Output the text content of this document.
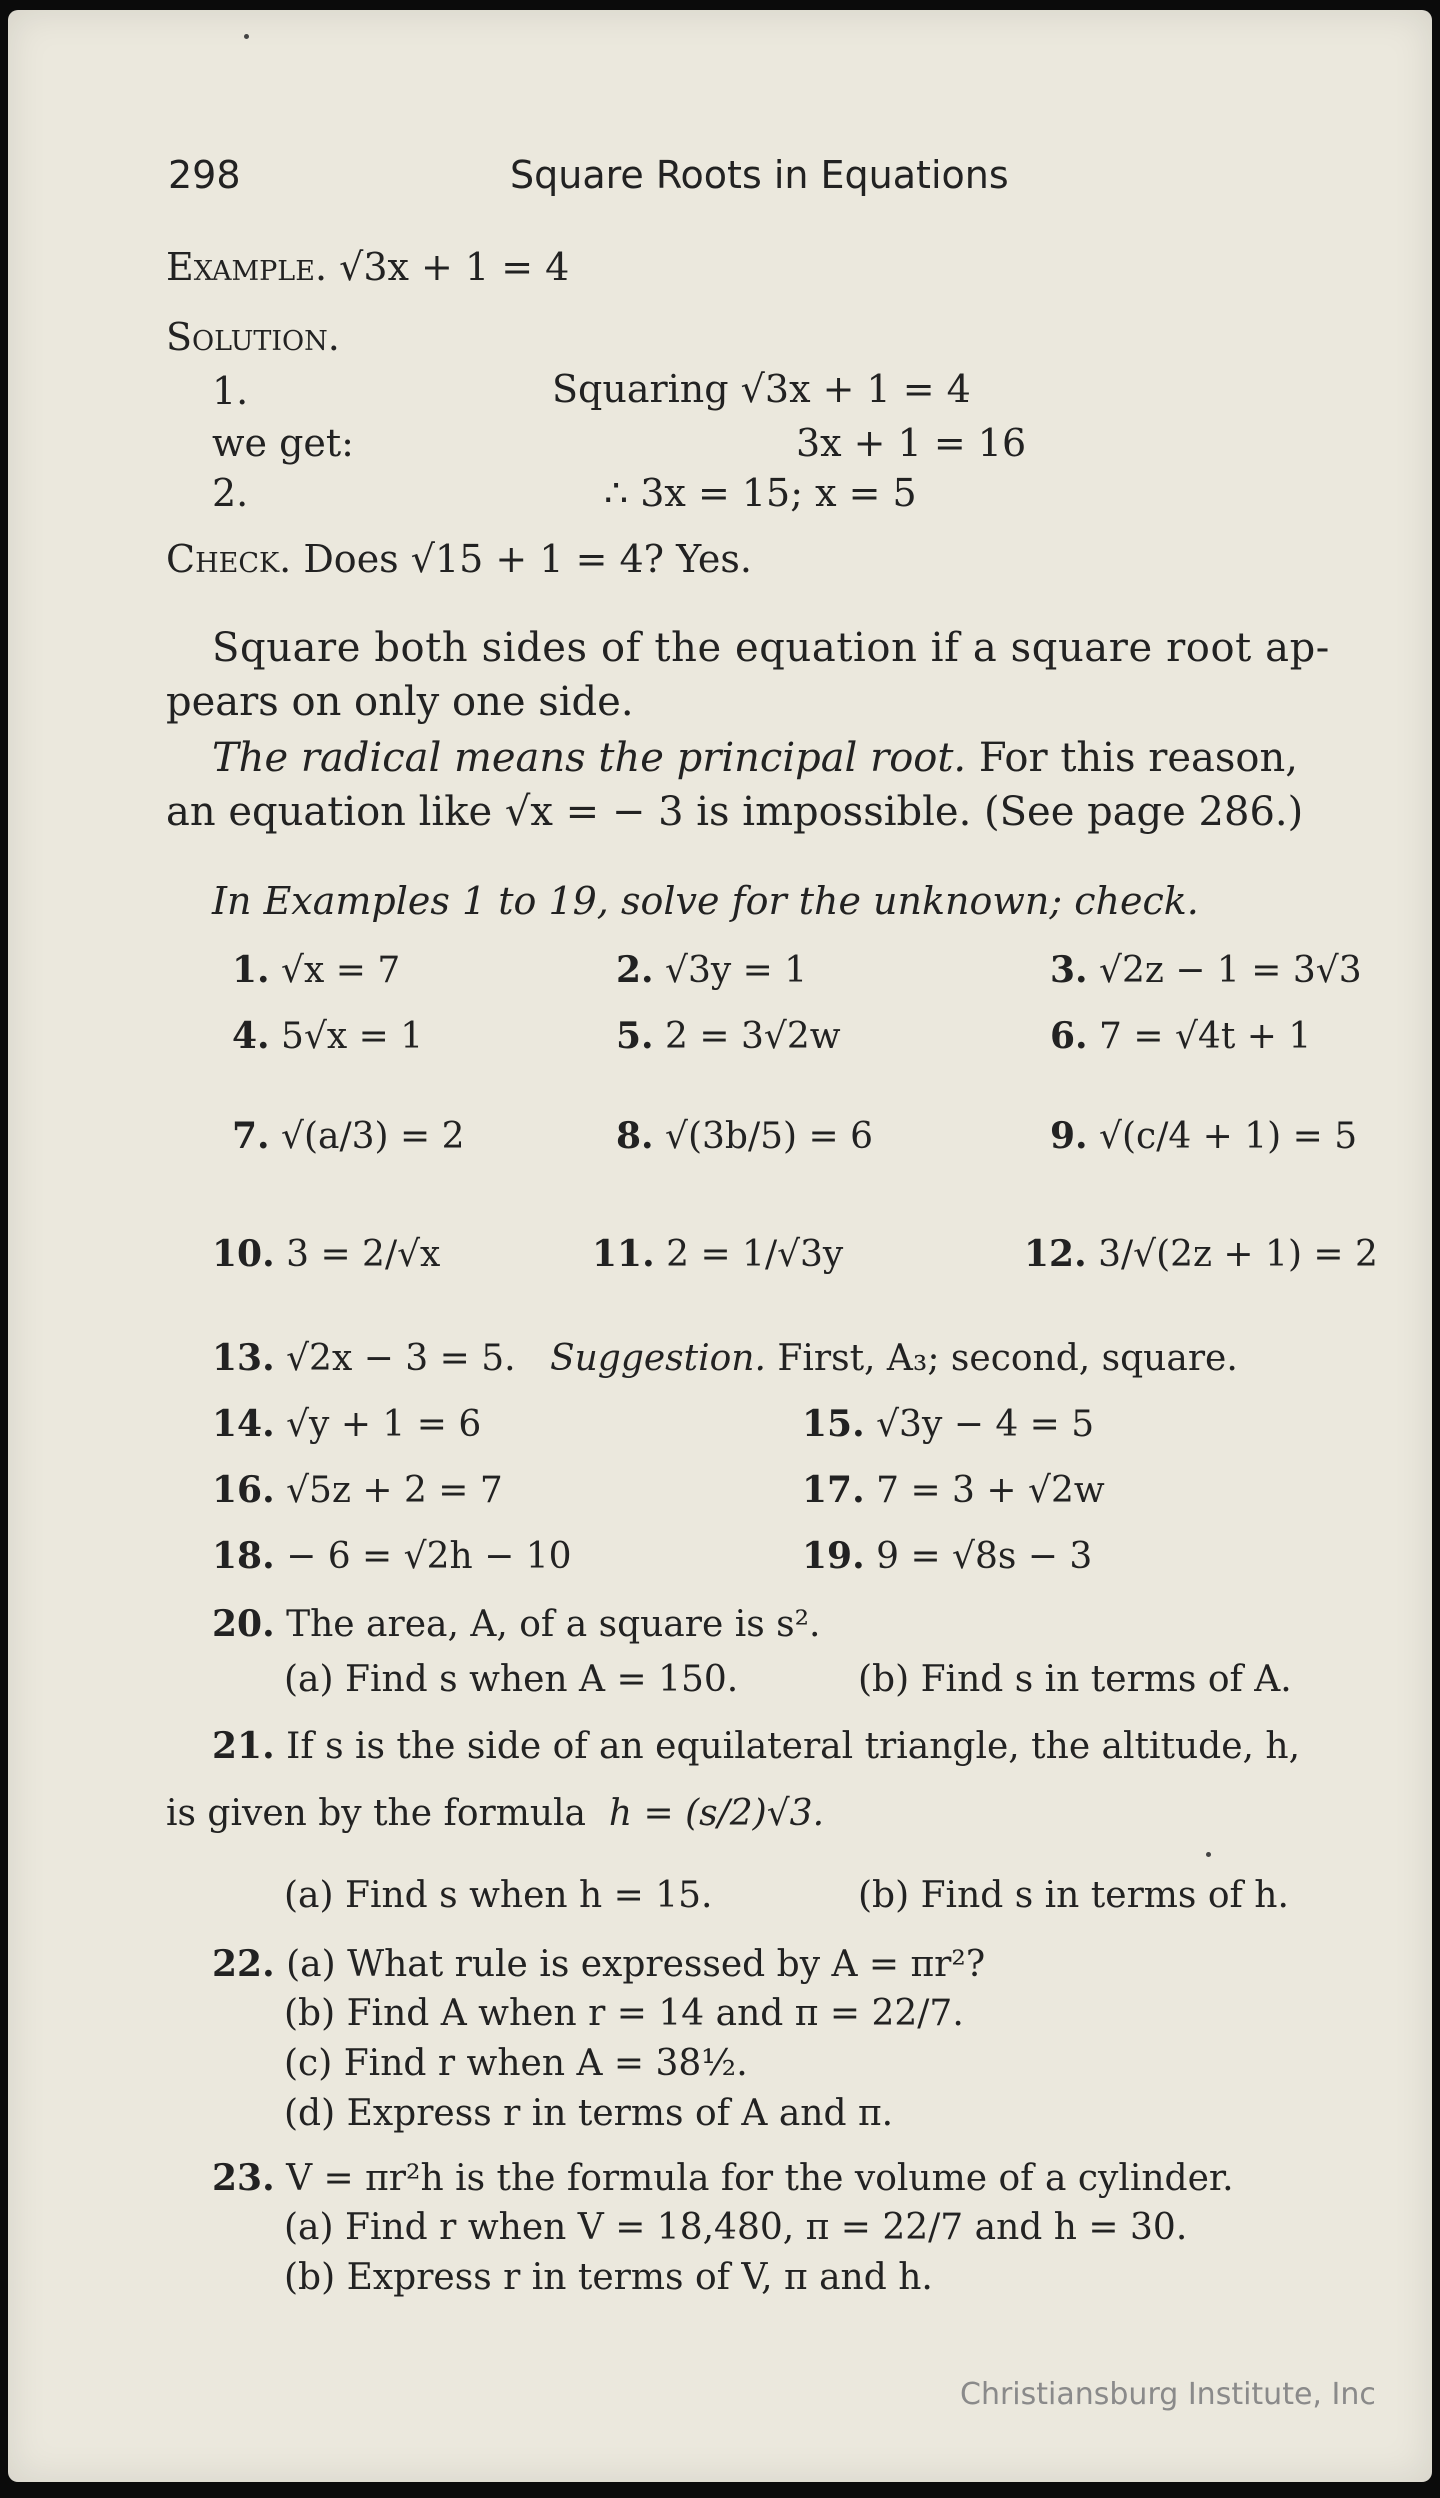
298	Square Roots in Equations
Example. √3x + 1 = 4
Solution.
1.	Squaring √3x + 1 = 4
we get:	3x + 1 = 16
2.	∴ 3x = 15; x = 5
Check. Does √15 + 1 = 4? Yes.
Square both sides of the equation if a square root ap-
pears on only one side.
The radical means the principal root. For this reason,
an equation like √x = − 3 is impossible. (See page 286.)
In Examples 1 to 19, solve for the unknown; check.
1. √x = 7	2. √3y = 1	3. √2z − 1 = 3√3
4. 5√x = 1	5. 2 = 3√2w	6. 7 = √4t + 1
7. √(a/3) = 2	8. √(3b/5) = 6	9. √(c/4 + 1) = 5
10. 3 = 2/√x	11. 2 = 1/√3y	12. 3/√(2z + 1) = 2
13. √2x − 3 = 5. Suggestion. First, A₃; second, square.
14. √y + 1 = 6	15. √3y − 4 = 5
16. √5z + 2 = 7	17. 7 = 3 + √2w
18. − 6 = √2h − 10	19. 9 = √8s − 3
20. The area, A, of a square is s².
(a) Find s when A = 150.	(b) Find s in terms of A.
21. If s is the side of an equilateral triangle, the altitude, h,
is given by the formula h = (s/2)√3.
(a) Find s when h = 15.	(b) Find s in terms of h.
22. (a) What rule is expressed by A = πr²?
(b) Find A when r = 14 and π = 22/7.
(c) Find r when A = 38½.
(d) Express r in terms of A and π.
23. V = πr²h is the formula for the volume of a cylinder.
(a) Find r when V = 18,480, π = 22/7 and h = 30.
(b) Express r in terms of V, π and h.
Christiansburg Institute, Inc
